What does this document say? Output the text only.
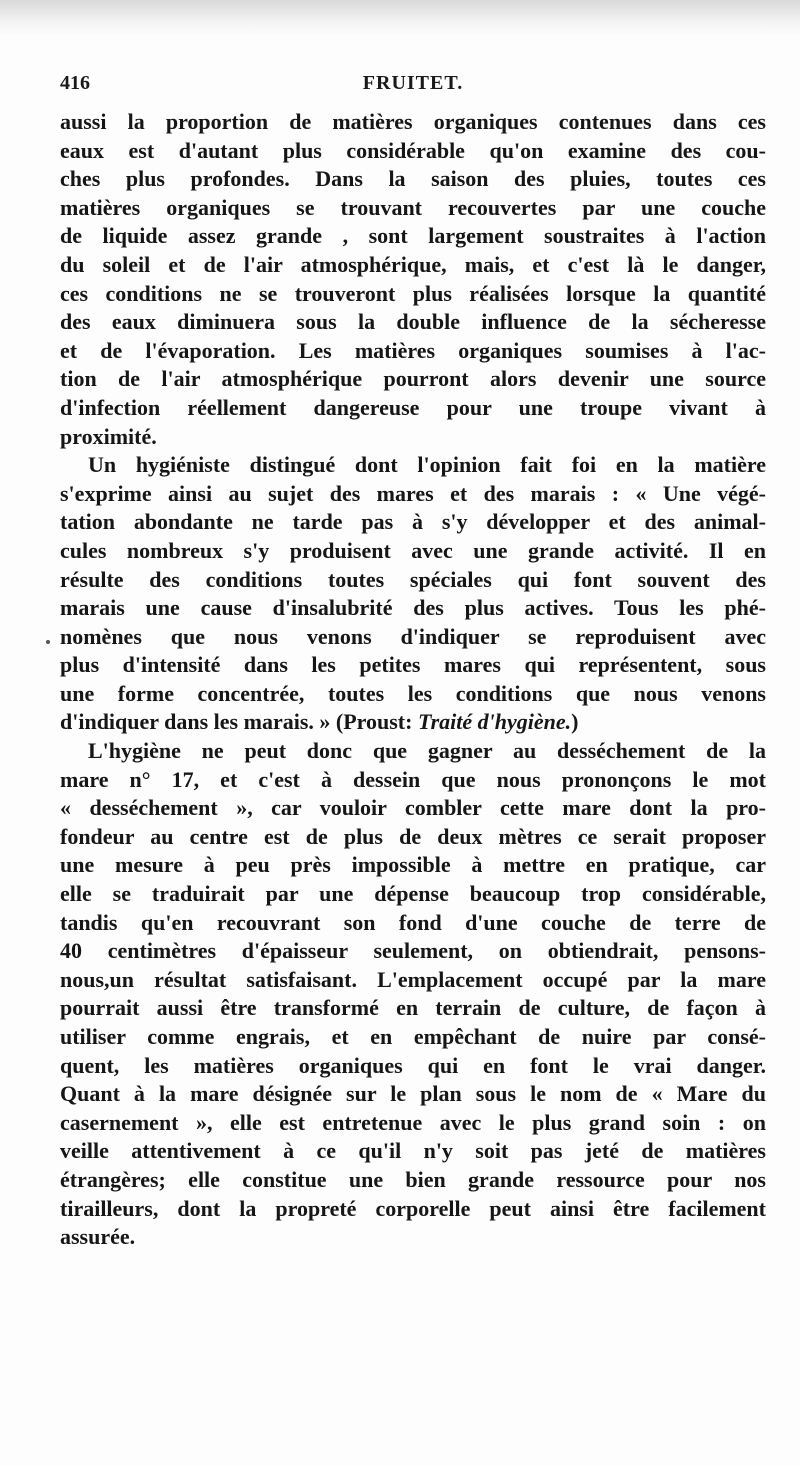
416	FRUITET.
aussi la proportion de matières organiques contenues dans ces
eaux est d'autant plus considérable qu'on examine des cou-
ches plus profondes. Dans la saison des pluies, toutes ces
matières organiques se trouvant recouvertes par une couche
de liquide assez grande , sont largement soustraites à l'action
du soleil et de l'air atmosphérique, mais, et c'est là le danger,
ces conditions ne se trouveront plus réalisées lorsque la quantité
des eaux diminuera sous la double influence de la sécheresse
et de l'évaporation. Les matières organiques soumises à l'ac-
tion de l'air atmosphérique pourront alors devenir une source
d'infection réellement dangereuse pour une troupe vivant à
proximité.
Un hygiéniste distingué dont l'opinion fait foi en la matière
s'exprime ainsi au sujet des mares et des marais : « Une végé-
tation abondante ne tarde pas à s'y développer et des animal-
cules nombreux s'y produisent avec une grande activité. Il en
résulte des conditions toutes spéciales qui font souvent des
marais une cause d'insalubrité des plus actives. Tous les phé-
nomènes que nous venons d'indiquer se reproduisent avec
plus d'intensité dans les petites mares qui représentent, sous
une forme concentrée, toutes les conditions que nous venons
d'indiquer dans les marais. » (Proust: Traité d'hygiène.)
L'hygiène ne peut donc que gagner au desséchement de la
mare n° 17, et c'est à dessein que nous prononçons le mot
« desséchement », car vouloir combler cette mare dont la pro-
fondeur au centre est de plus de deux mètres ce serait proposer
une mesure à peu près impossible à mettre en pratique, car
elle se traduirait par une dépense beaucoup trop considérable,
tandis qu'en recouvrant son fond d'une couche de terre de
40 centimètres d'épaisseur seulement, on obtiendrait, pensons-
nous,un résultat satisfaisant. L'emplacement occupé par la mare
pourrait aussi être transformé en terrain de culture, de façon à
utiliser comme engrais, et en empêchant de nuire par consé-
quent, les matières organiques qui en font le vrai danger.
Quant à la mare désignée sur le plan sous le nom de « Mare du
casernement », elle est entretenue avec le plus grand soin : on
veille attentivement à ce qu'il n'y soit pas jeté de matières
étrangères; elle constitue une bien grande ressource pour nos
tirailleurs, dont la propreté corporelle peut ainsi être facilement
assurée.
